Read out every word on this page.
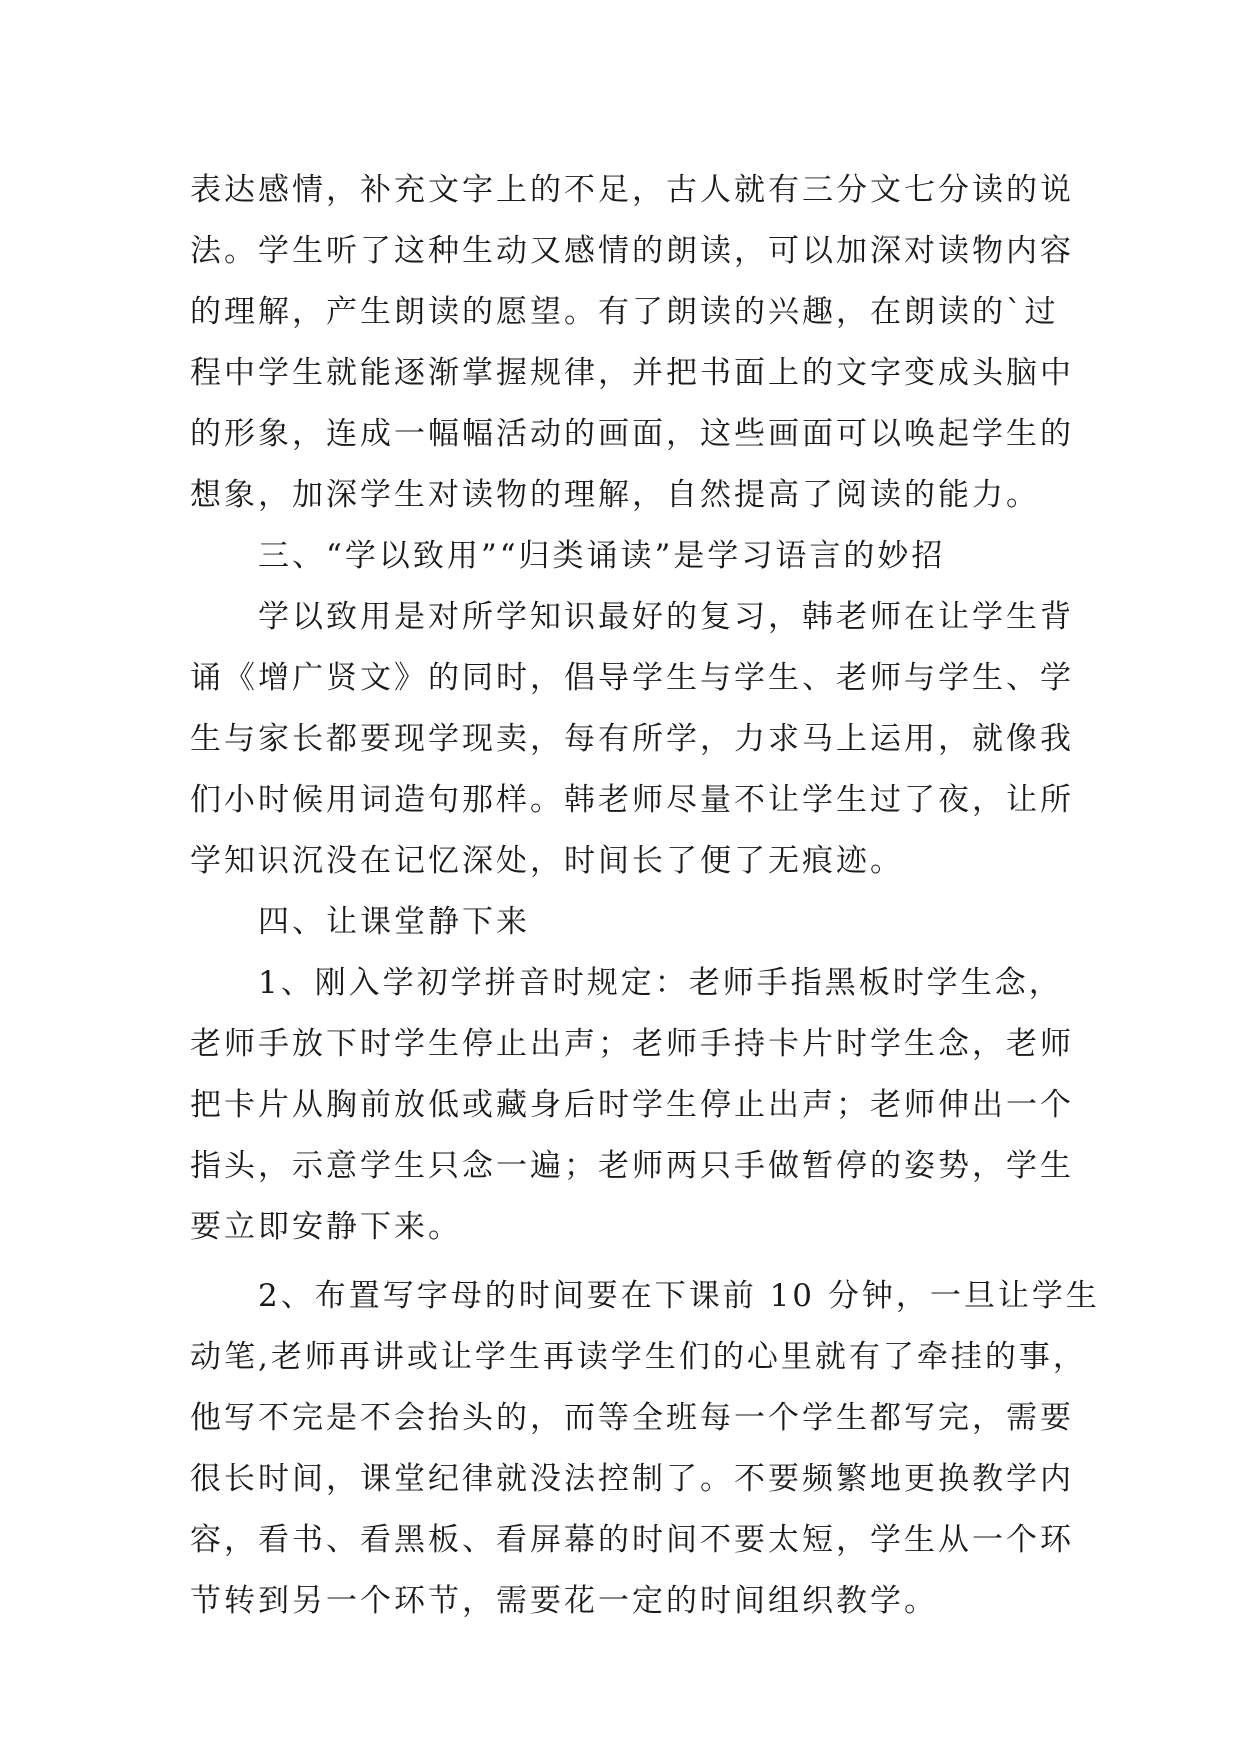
表达感情，补充文字上的不足，古人就有三分文七分读的说
法。学生听了这种生动又感情的朗读，可以加深对读物内容
的理解，产生朗读的愿望。有了朗读的兴趣，在朗读的`过
程中学生就能逐渐掌握规律，并把书面上的文字变成头脑中
的形象，连成一幅幅活动的画面，这些画面可以唤起学生的
想象，加深学生对读物的理解，自然提高了阅读的能力。
三、“学以致用”“归类诵读”是学习语言的妙招
学以致用是对所学知识最好的复习，韩老师在让学生背
诵《增广贤文》的同时，倡导学生与学生、老师与学生、学
生与家长都要现学现卖，每有所学，力求马上运用，就像我
们小时候用词造句那样。韩老师尽量不让学生过了夜，让所
学知识沉没在记忆深处，时间长了便了无痕迹。
四、让课堂静下来
1、刚入学初学拼音时规定：老师手指黑板时学生念，
老师手放下时学生停止出声；老师手持卡片时学生念，老师
把卡片从胸前放低或藏身后时学生停止出声；老师伸出一个
指头，示意学生只念一遍；老师两只手做暂停的姿势，学生
要立即安静下来。
2、布置写字母的时间要在下课前 10 分钟，一旦让学生
动笔,老师再讲或让学生再读学生们的心里就有了牵挂的事，
他写不完是不会抬头的，而等全班每一个学生都写完，需要
很长时间，课堂纪律就没法控制了。不要频繁地更换教学内
容，看书、看黑板、看屏幕的时间不要太短，学生从一个环
节转到另一个环节，需要花一定的时间组织教学。
